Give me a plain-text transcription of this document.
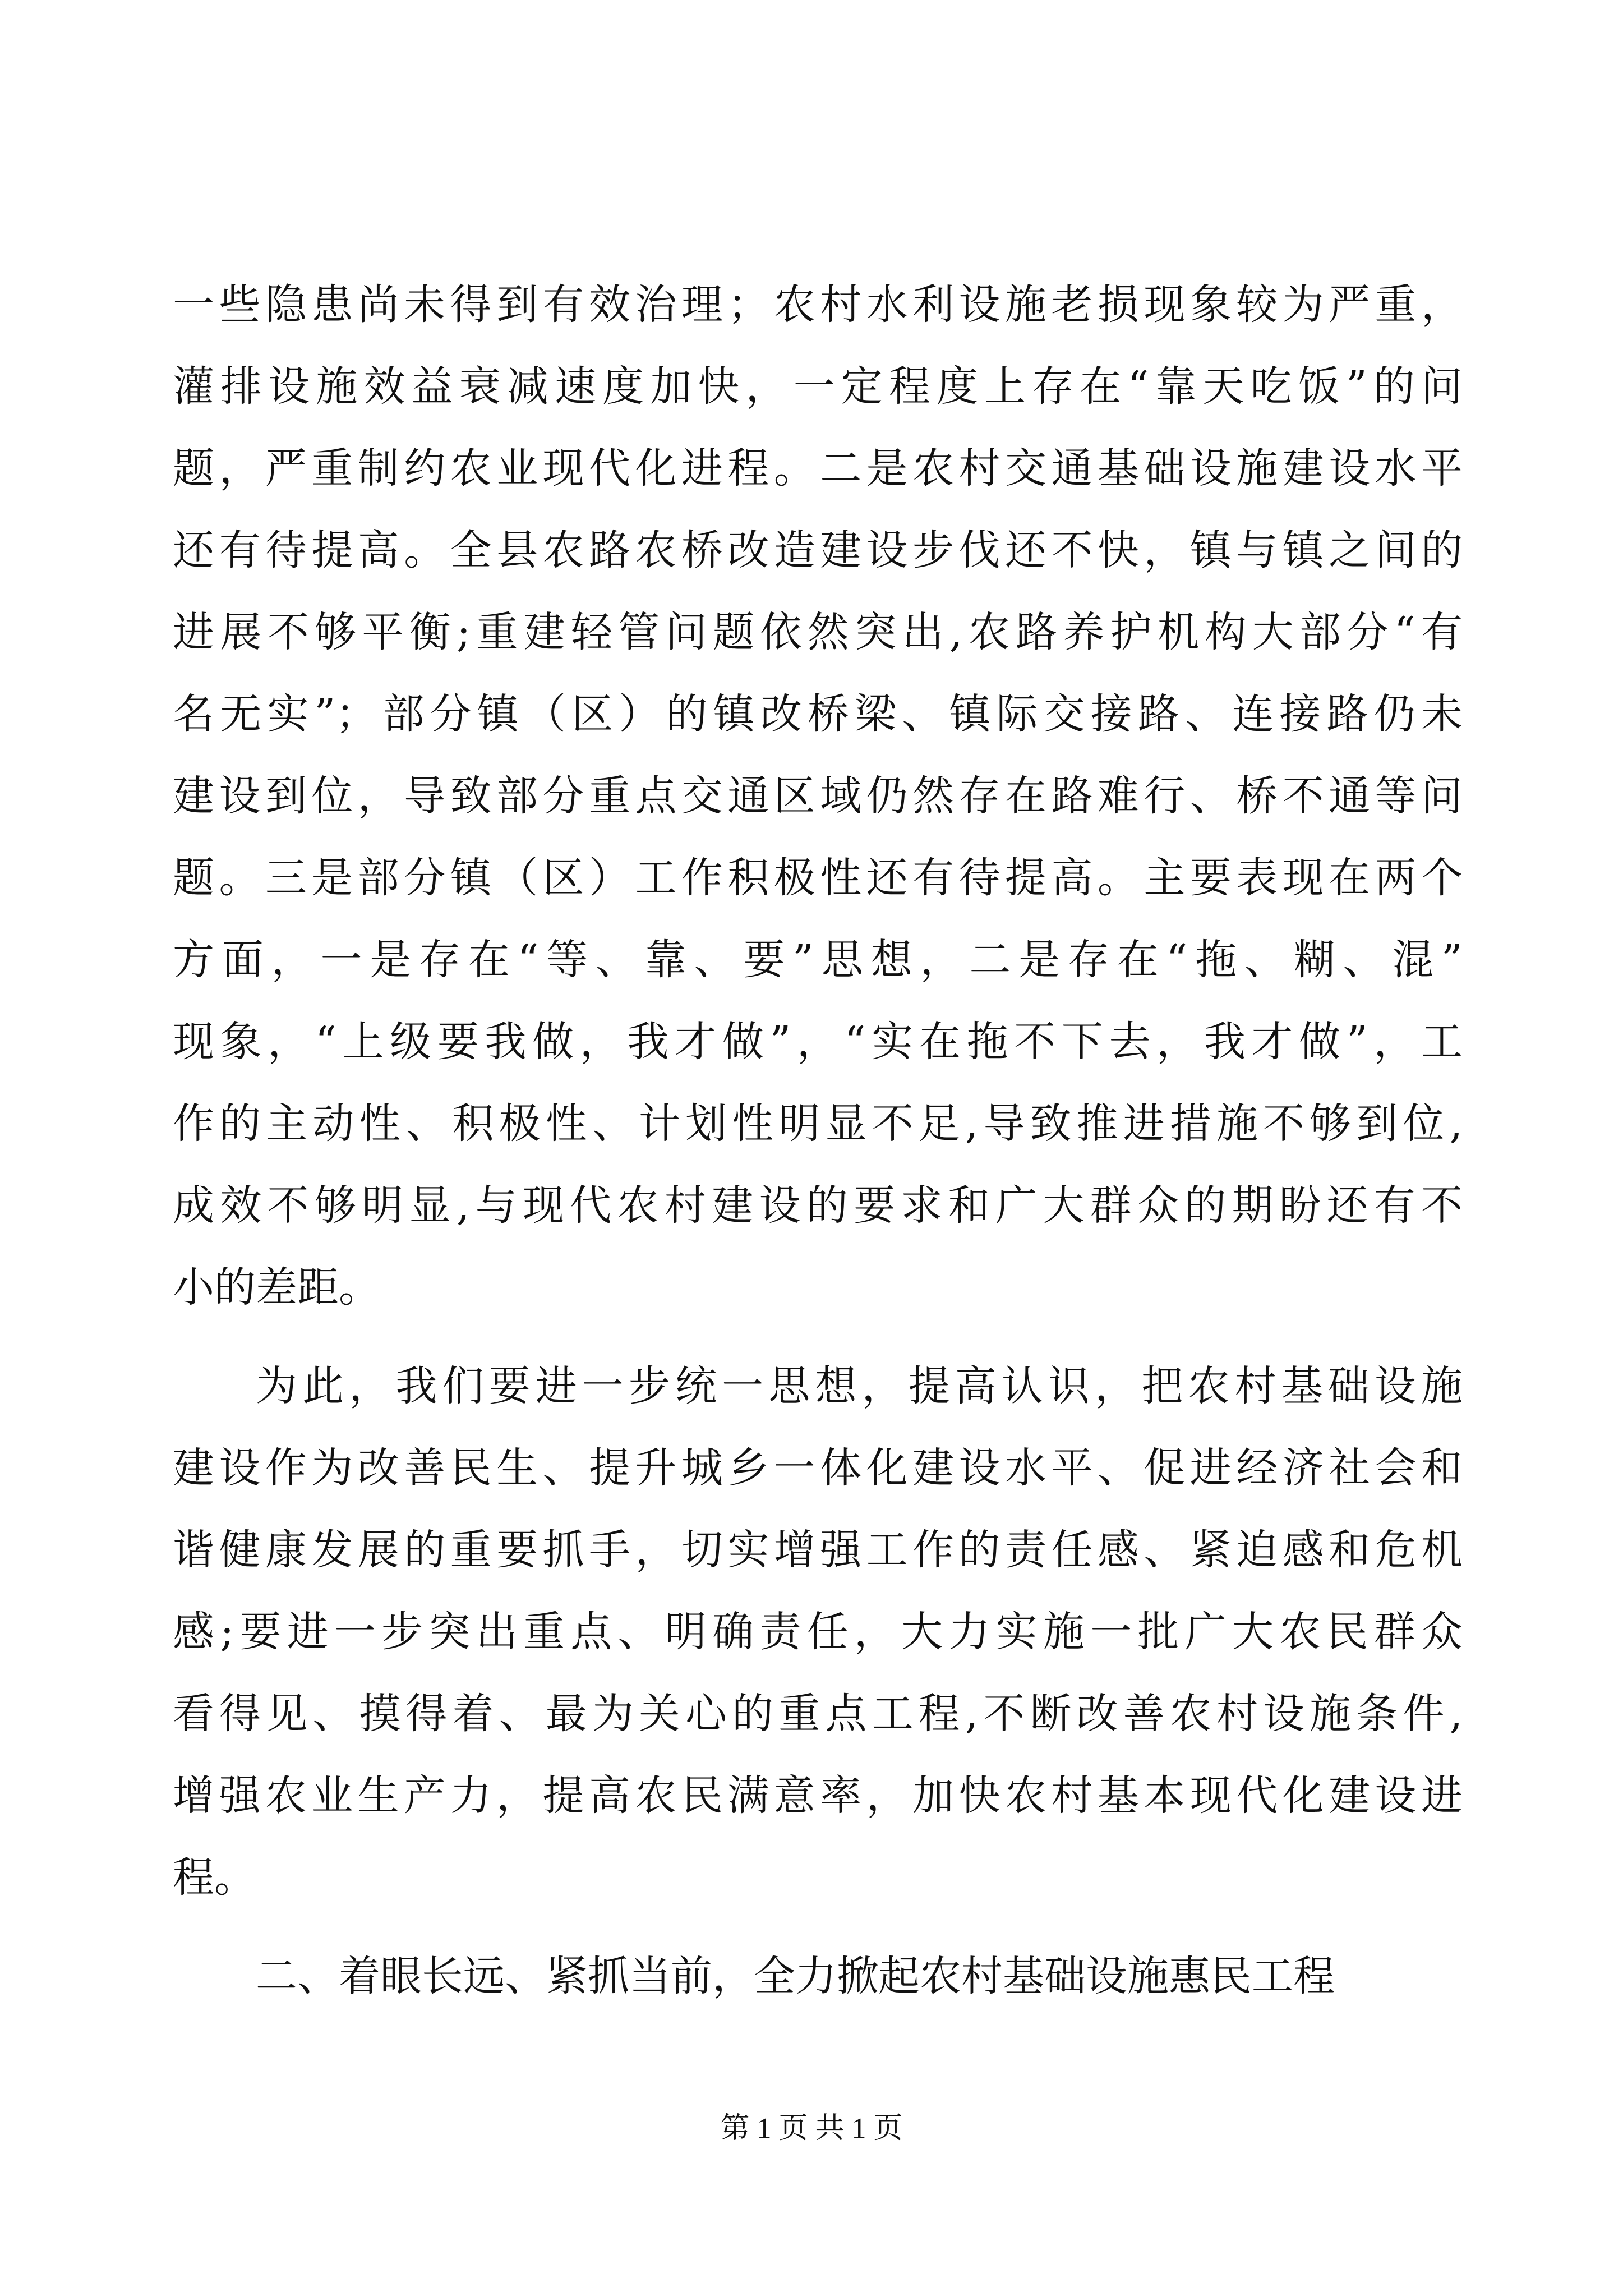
一些隐患尚未得到有效治理；农村水利设施老损现象较为严重，
灌排设施效益衰减速度加快，一定程度上存在“靠天吃饭”的问
题，严重制约农业现代化进程。二是农村交通基础设施建设水平
还有待提高。全县农路农桥改造建设步伐还不快，镇与镇之间的
进展不够平衡;重建轻管问题依然突出,农路养护机构大部分“有
名无实”；部分镇（区）的镇改桥梁、镇际交接路、连接路仍未
建设到位，导致部分重点交通区域仍然存在路难行、桥不通等问
题。三是部分镇（区）工作积极性还有待提高。主要表现在两个
方面，一是存在“等、靠、要”思想，二是存在“拖、糊、混”
现象，“上级要我做，我才做”，“实在拖不下去，我才做”，工
作的主动性、积极性、计划性明显不足,导致推进措施不够到位,
成效不够明显,与现代农村建设的要求和广大群众的期盼还有不
小的差距。
为此，我们要进一步统一思想，提高认识，把农村基础设施
建设作为改善民生、提升城乡一体化建设水平、促进经济社会和
谐健康发展的重要抓手，切实增强工作的责任感、紧迫感和危机
感;要进一步突出重点、明确责任，大力实施一批广大农民群众
看得见、摸得着、最为关心的重点工程,不断改善农村设施条件,
增强农业生产力，提高农民满意率，加快农村基本现代化建设进
程。
二、着眼长远、紧抓当前，全力掀起农村基础设施惠民工程
第 1 页 共 1 页
